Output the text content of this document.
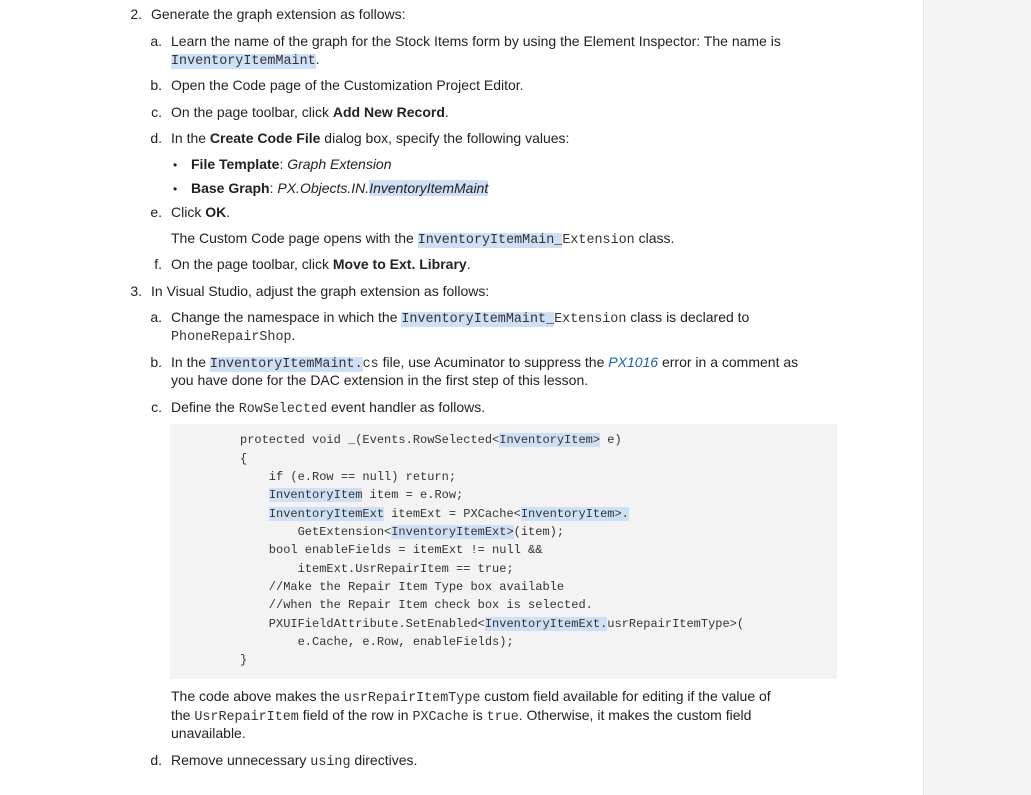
2. Generate the graph extension as follows:
a. Learn the name of the graph for the Stock Items form by using the Element Inspector: The name is
InventoryItemMaint.
b. Open the Code page of the Customization Project Editor.
c. On the page toolbar, click Add New Record.
d. In the Create Code File dialog box, specify the following values:
• File Template: Graph Extension
• Base Graph: PX.Objects.IN.InventoryItemMaint
e. Click OK.
The Custom Code page opens with the InventoryItemMain_Extension class.
f. On the page toolbar, click Move to Ext. Library.
3. In Visual Studio, adjust the graph extension as follows:
a. Change the namespace in which the InventoryItemMaint_Extension class is declared to
PhoneRepairShop.
b. In the InventoryItemMaint.cs file, use Acuminator to suppress the PX1016 error in a comment as
you have done for the DAC extension in the first step of this lesson.
c. Define the RowSelected event handler as follows.
protected void _(Events.RowSelected<InventoryItem> e)
{
if (e.Row == null) return;
InventoryItem item = e.Row;
InventoryItemExt itemExt = PXCache<InventoryItem>.
GetExtension<InventoryItemExt>(item);
bool enableFields = itemExt != null &&
itemExt.UsrRepairItem == true;
//Make the Repair Item Type box available
//when the Repair Item check box is selected.
PXUIFieldAttribute.SetEnabled<InventoryItemExt.usrRepairItemType>(
e.Cache, e.Row, enableFields);
}
The code above makes the usrRepairItemType custom field available for editing if the value of
the UsrRepairItem field of the row in PXCache is true. Otherwise, it makes the custom field
unavailable.
d. Remove unnecessary using directives.
